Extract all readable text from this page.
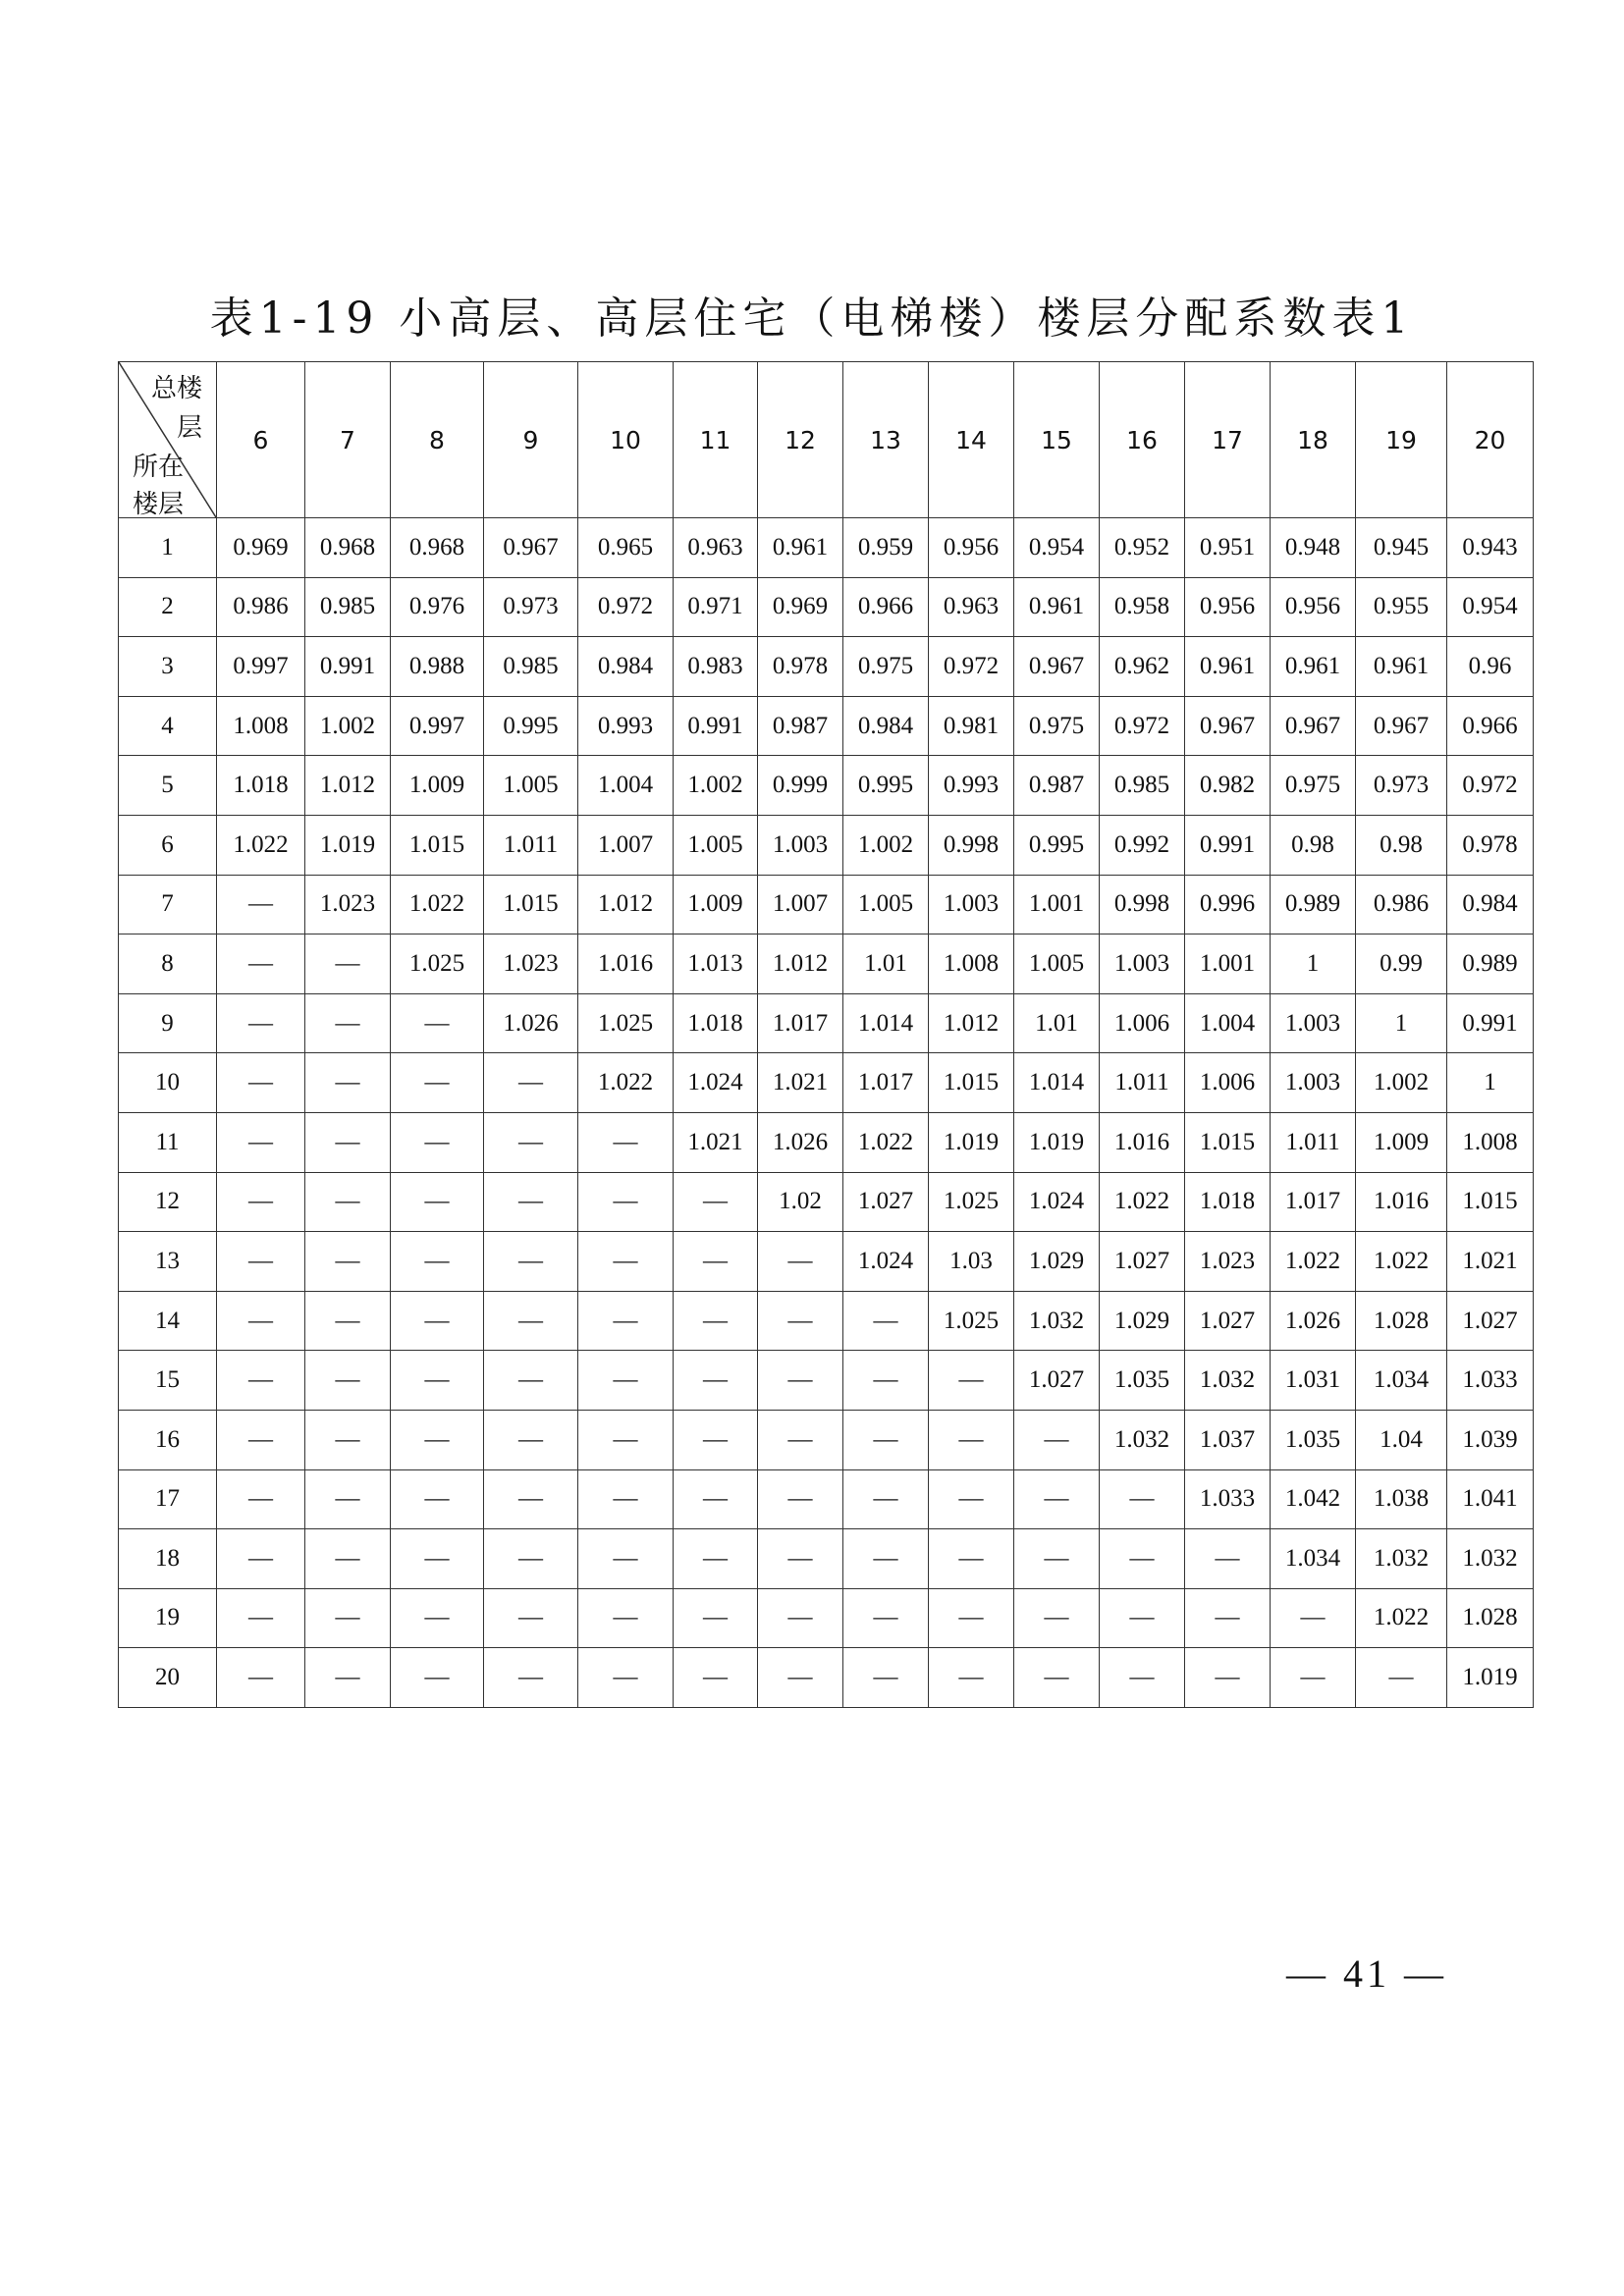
表1-19 小高层、高层住宅（电梯楼）楼层分配系数表1
总楼
层
所在
楼层	6	7	8	9	10	11	12	13	14	15	16	17	18	19	20
1	0.969	0.968	0.968	0.967	0.965	0.963	0.961	0.959	0.956	0.954	0.952	0.951	0.948	0.945	0.943
2	0.986	0.985	0.976	0.973	0.972	0.971	0.969	0.966	0.963	0.961	0.958	0.956	0.956	0.955	0.954
3	0.997	0.991	0.988	0.985	0.984	0.983	0.978	0.975	0.972	0.967	0.962	0.961	0.961	0.961	0.96
4	1.008	1.002	0.997	0.995	0.993	0.991	0.987	0.984	0.981	0.975	0.972	0.967	0.967	0.967	0.966
5	1.018	1.012	1.009	1.005	1.004	1.002	0.999	0.995	0.993	0.987	0.985	0.982	0.975	0.973	0.972
6	1.022	1.019	1.015	1.011	1.007	1.005	1.003	1.002	0.998	0.995	0.992	0.991	0.98	0.98	0.978
7	—	1.023	1.022	1.015	1.012	1.009	1.007	1.005	1.003	1.001	0.998	0.996	0.989	0.986	0.984
8	—	—	1.025	1.023	1.016	1.013	1.012	1.01	1.008	1.005	1.003	1.001	1	0.99	0.989
9	—	—	—	1.026	1.025	1.018	1.017	1.014	1.012	1.01	1.006	1.004	1.003	1	0.991
10	—	—	—	—	1.022	1.024	1.021	1.017	1.015	1.014	1.011	1.006	1.003	1.002	1
11	—	—	—	—	—	1.021	1.026	1.022	1.019	1.019	1.016	1.015	1.011	1.009	1.008
12	—	—	—	—	—	—	1.02	1.027	1.025	1.024	1.022	1.018	1.017	1.016	1.015
13	—	—	—	—	—	—	—	1.024	1.03	1.029	1.027	1.023	1.022	1.022	1.021
14	—	—	—	—	—	—	—	—	1.025	1.032	1.029	1.027	1.026	1.028	1.027
15	—	—	—	—	—	—	—	—	—	1.027	1.035	1.032	1.031	1.034	1.033
16	—	—	—	—	—	—	—	—	—	—	1.032	1.037	1.035	1.04	1.039
17	—	—	—	—	—	—	—	—	—	—	—	1.033	1.042	1.038	1.041
18	—	—	—	—	—	—	—	—	—	—	—	—	1.034	1.032	1.032
19	—	—	—	—	—	—	—	—	—	—	—	—	—	1.022	1.028
20	—	—	—	—	—	—	—	—	—	—	—	—	—	—	1.019
— 41 —
